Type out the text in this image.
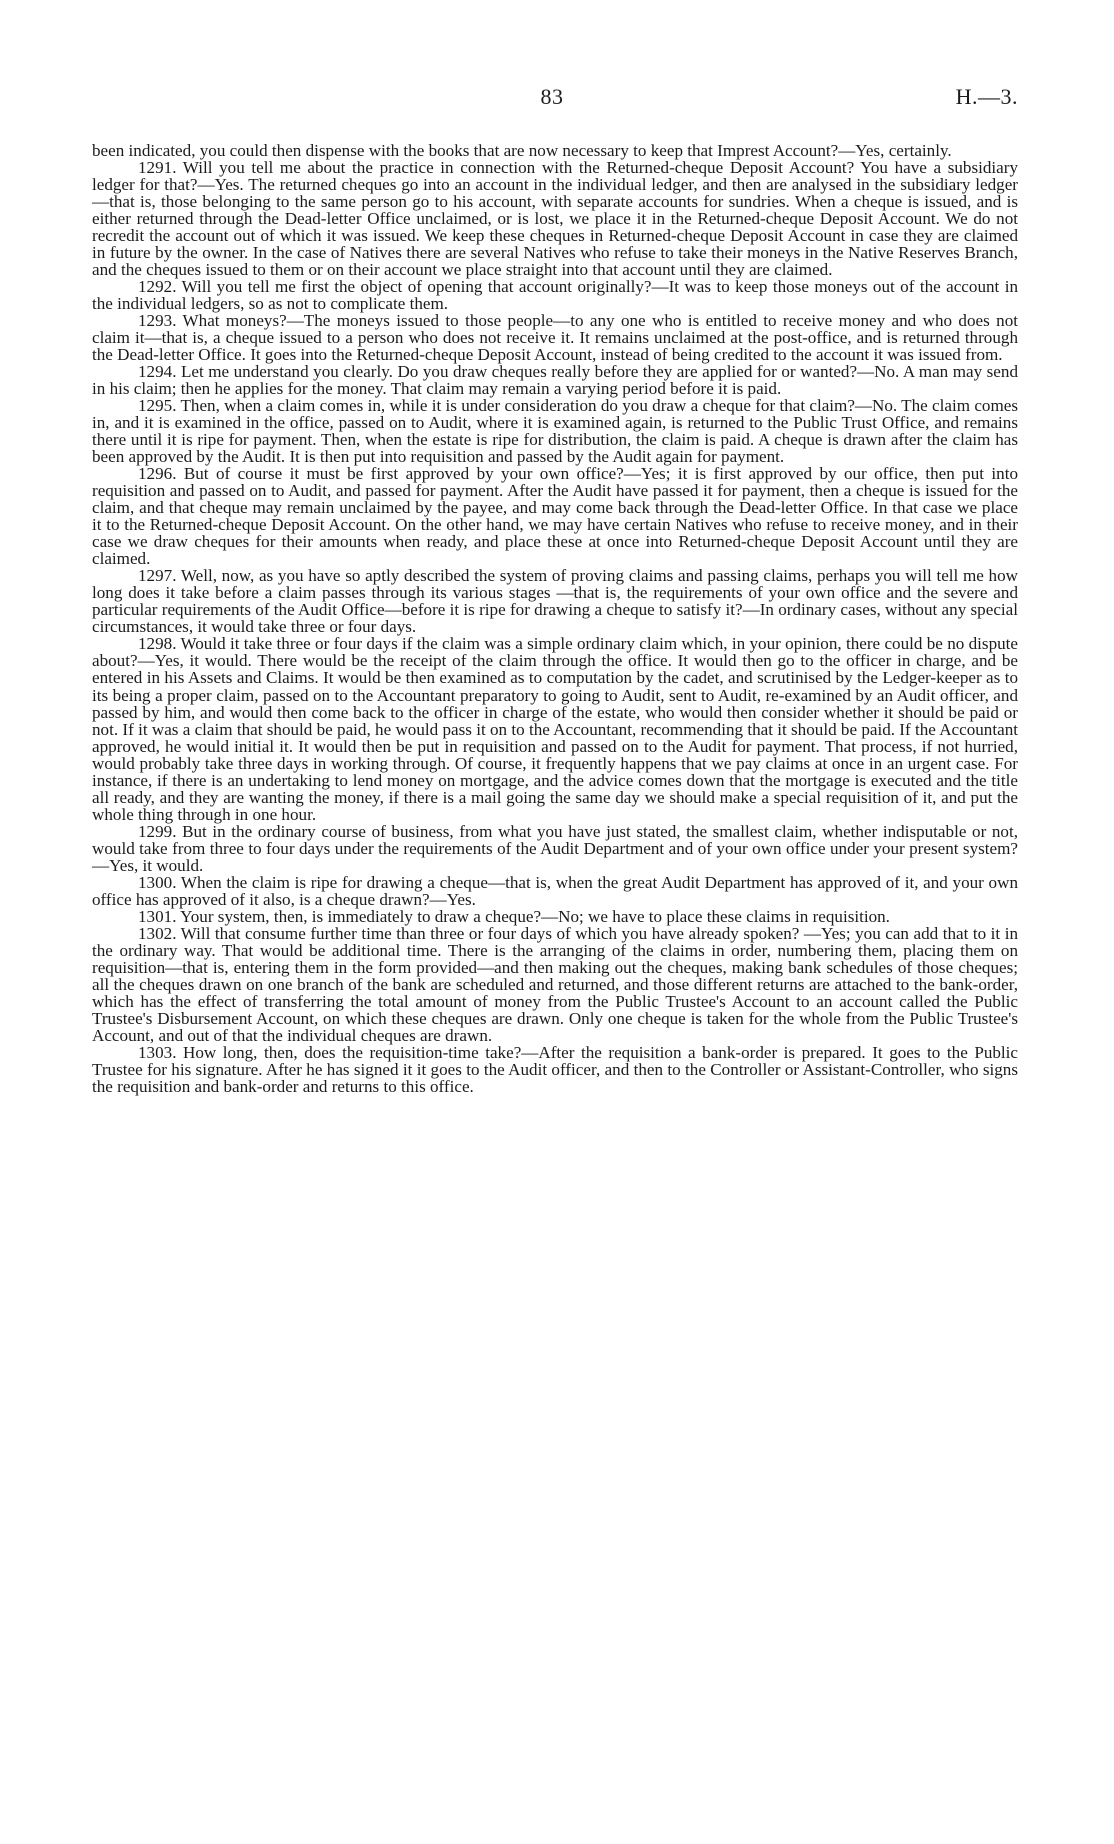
83	H.—3.

been indicated, you could then dispense with the books that are now necessary to keep that Imprest Account?—Yes, certainly.

1291. Will you tell me about the practice in connection with the Returned-cheque Deposit Account? You have a subsidiary ledger for that?—Yes. The returned cheques go into an account in the individual ledger, and then are analysed in the subsidiary ledger—that is, those belonging to the same person go to his account, with separate accounts for sundries. When a cheque is issued, and is either returned through the Dead-letter Office unclaimed, or is lost, we place it in the Returned-cheque Deposit Account. We do not recredit the account out of which it was issued. We keep these cheques in Returned-cheque Deposit Account in case they are claimed in future by the owner. In the case of Natives there are several Natives who refuse to take their moneys in the Native Reserves Branch, and the cheques issued to them or on their account we place straight into that account until they are claimed.

1292. Will you tell me first the object of opening that account originally?—It was to keep those moneys out of the account in the individual ledgers, so as not to complicate them.

1293. What moneys?—The moneys issued to those people—to any one who is entitled to receive money and who does not claim it—that is, a cheque issued to a person who does not receive it. It remains unclaimed at the post-office, and is returned through the Dead-letter Office. It goes into the Returned-cheque Deposit Account, instead of being credited to the account it was issued from.

1294. Let me understand you clearly. Do you draw cheques really before they are applied for or wanted?—No. A man may send in his claim; then he applies for the money. That claim may remain a varying period before it is paid.

1295. Then, when a claim comes in, while it is under consideration do you draw a cheque for that claim?—No. The claim comes in, and it is examined in the office, passed on to Audit, where it is examined again, is returned to the Public Trust Office, and remains there until it is ripe for payment. Then, when the estate is ripe for distribution, the claim is paid. A cheque is drawn after the claim has been approved by the Audit. It is then put into requisition and passed by the Audit again for payment.

1296. But of course it must be first approved by your own office?—Yes; it is first approved by our office, then put into requisition and passed on to Audit, and passed for payment. After the Audit have passed it for payment, then a cheque is issued for the claim, and that cheque may remain unclaimed by the payee, and may come back through the Dead-letter Office. In that case we place it to the Returned-cheque Deposit Account. On the other hand, we may have certain Natives who refuse to receive money, and in their case we draw cheques for their amounts when ready, and place these at once into Returned-cheque Deposit Account until they are claimed.

1297. Well, now, as you have so aptly described the system of proving claims and passing claims, perhaps you will tell me how long does it take before a claim passes through its various stages —that is, the requirements of your own office and the severe and particular requirements of the Audit Office—before it is ripe for drawing a cheque to satisfy it?—In ordinary cases, without any special circumstances, it would take three or four days.

1298. Would it take three or four days if the claim was a simple ordinary claim which, in your opinion, there could be no dispute about?—Yes, it would. There would be the receipt of the claim through the office. It would then go to the officer in charge, and be entered in his Assets and Claims. It would be then examined as to computation by the cadet, and scrutinised by the Ledger-keeper as to its being a proper claim, passed on to the Accountant preparatory to going to Audit, sent to Audit, re-examined by an Audit officer, and passed by him, and would then come back to the officer in charge of the estate, who would then consider whether it should be paid or not. If it was a claim that should be paid, he would pass it on to the Accountant, recommending that it should be paid. If the Accountant approved, he would initial it. It would then be put in requisition and passed on to the Audit for payment. That process, if not hurried, would probably take three days in working through. Of course, it frequently happens that we pay claims at once in an urgent case. For instance, if there is an undertaking to lend money on mortgage, and the advice comes down that the mortgage is executed and the title all ready, and they are wanting the money, if there is a mail going the same day we should make a special requisition of it, and put the whole thing through in one hour.

1299. But in the ordinary course of business, from what you have just stated, the smallest claim, whether indisputable or not, would take from three to four days under the requirements of the Audit Department and of your own office under your present system?—Yes, it would.

1300. When the claim is ripe for drawing a cheque—that is, when the great Audit Department has approved of it, and your own office has approved of it also, is a cheque drawn?—Yes.

1301. Your system, then, is immediately to draw a cheque?—No; we have to place these claims in requisition.

1302. Will that consume further time than three or four days of which you have already spoken? —Yes; you can add that to it in the ordinary way. That would be additional time. There is the arranging of the claims in order, numbering them, placing them on requisition—that is, entering them in the form provided—and then making out the cheques, making bank schedules of those cheques; all the cheques drawn on one branch of the bank are scheduled and returned, and those different returns are attached to the bank-order, which has the effect of transferring the total amount of money from the Public Trustee's Account to an account called the Public Trustee's Disbursement Account, on which these cheques are drawn. Only one cheque is taken for the whole from the Public Trustee's Account, and out of that the individual cheques are drawn.

1303. How long, then, does the requisition-time take?—After the requisition a bank-order is prepared. It goes to the Public Trustee for his signature. After he has signed it it goes to the Audit officer, and then to the Controller or Assistant-Controller, who signs the requisition and bank-order and returns to this office.
